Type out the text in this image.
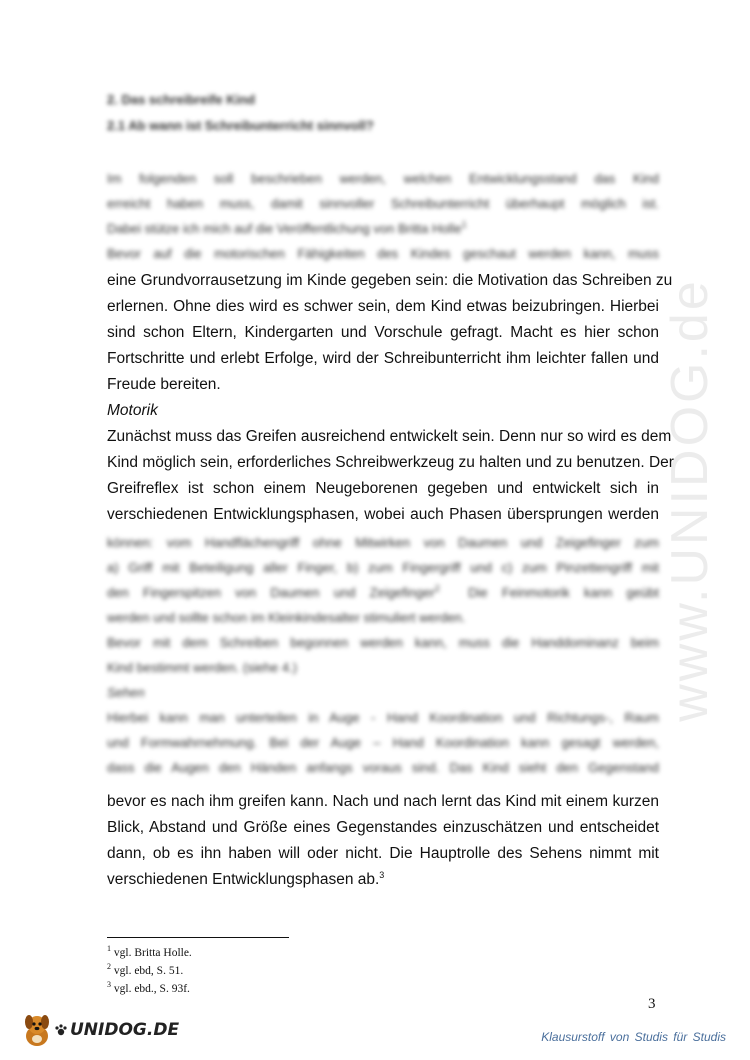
www.UNIDOG.de
2. Das schreibreife Kind
2.1 Ab wann ist Schreibunterricht sinnvoll?
Im folgenden soll beschrieben werden, welchen Entwicklungsstand das Kind
erreicht haben muss, damit sinnvoller Schreibunterricht überhaupt möglich ist.
Dabei stütze ich mich auf die Veröffentlichung von Britta Holle$^1$
Bevor auf die motorischen Fähigkeiten des Kindes geschaut werden kann, muss
eine Grundvorrausetzung im Kinde gegeben sein: die Motivation das Schreiben zu
erlernen. Ohne dies wird es schwer sein, dem Kind etwas beizubringen. Hierbei
sind schon Eltern, Kindergarten und Vorschule gefragt. Macht es hier schon
Fortschritte und erlebt Erfolge, wird der Schreibunterricht ihm leichter fallen und
Freude bereiten.
Motorik
Zunächst muss das Greifen ausreichend entwickelt sein. Denn nur so wird es dem
Kind möglich sein, erforderliches Schreibwerkzeug zu halten und zu benutzen. Der
Greifreflex ist schon einem Neugeborenen gegeben und entwickelt sich in
verschiedenen Entwicklungsphasen, wobei auch Phasen übersprungen werden
können: vom Handflächengriff ohne Mitwirken von Daumen und Zeigefinger zum
a) Griff mit Beteiligung aller Finger, b) zum Fingergriff und c) zum Pinzettengriff mit
den Fingerspitzen von Daumen und Zeigefinger$^2$ Die Feinmotorik kann geübt
werden und sollte schon im Kleinkindesalter stimuliert werden.
Bevor mit dem Schreiben begonnen werden kann, muss die Handdominanz beim
Kind bestimmt werden. (siehe 4.)
Sehen
Hierbei kann man unterteilen in Auge - Hand Koordination und Richtungs-, Raum
und Formwahrnehmung. Bei der Auge – Hand Koordination kann gesagt werden,
dass die Augen den Händen anfangs voraus sind. Das Kind sieht den Gegenstand
bevor es nach ihm greifen kann. Nach und nach lernt das Kind mit einem kurzen
Blick, Abstand und Größe eines Gegenstandes einzuschätzen und entscheidet
dann, ob es ihn haben will oder nicht. Die Hauptrolle des Sehens nimmt mit
verschiedenen Entwicklungsphasen ab.$^3$
$^1$ vgl. Britta Holle.
$^2$ vgl. ebd, S. 51.
$^3$ vgl. ebd., S. 93f.
3
UNIDOG.DE	Klausurstoff von Studis für Studis
